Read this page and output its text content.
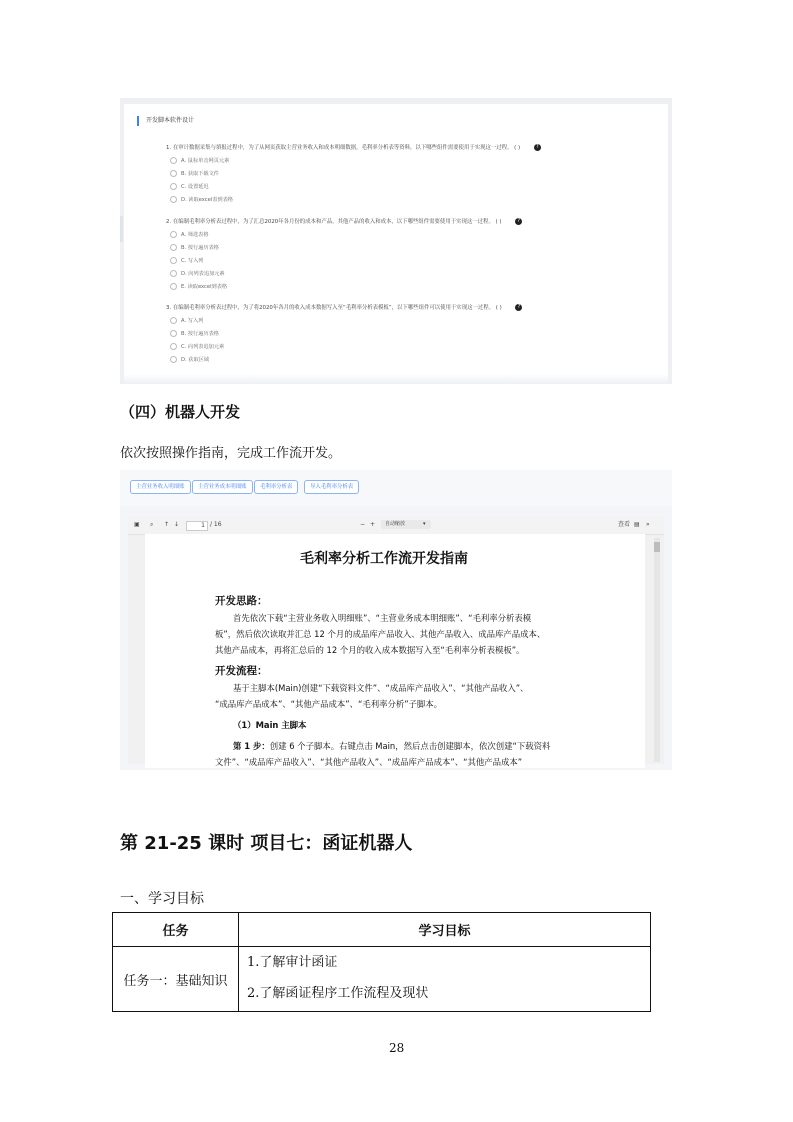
开发脚本软件设计
1. 在审计数据采集与填报过程中，为了从网页获取主营业务收入和成本明细数据，毛利率分析表等资料，以下哪些组件需要使用于实现这一过程。 ( )	?
A. 鼠标单击网页元素
B. 获取下载文件
C. 设置延迟
D. 读取excel表到表格
2. 在编制毛利率分析表过程中，为了汇总2020年各月份的成本和产品，其他产品的收入和成本，以下哪些组件需要使用于实现这一过程。 ( )	?
A. 筛选表格
B. 按行遍历表格
C. 写入列
D. 向列表追加元素
E. 读取excel到表格
3. 在编制毛利率分析表过程中，为了将2020年各月的收入成本数据写入至“毛利率分析表模板”，以下哪些组件可以使用于实现这一过程。 ( )	?
A. 写入列
B. 按行遍历表格
C. 向列表追加元素
D. 获取区域
（四）机器人开发
依次按照操作指南，完成工作流开发。
主营业务收入明细账	主营业务成本明细账	毛利率分析表	导入毛利率分析表
▣ ⌕ ↑ ↓	1 / 16	− +	自动缩放	▾	查看 ▤ »
毛利率分析工作流开发指南
开发思路：
首先依次下载“主营业务收入明细账”、“主营业务成本明细账”、“毛利率分析表模
板”，然后依次读取并汇总 12 个月的成品库产品收入、其他产品收入、成品库产品成本、
其他产品成本，再将汇总后的 12 个月的收入成本数据写入至“毛利率分析表模板”。
开发流程：
基于主脚本(Main)创建“下载资料文件”、“成品库产品收入”、“其他产品收入”、
“成品库产品成本”、“其他产品成本”、“毛利率分析”子脚本。
（1）Main 主脚本
第 1 步：创建 6 个子脚本。右键点击 Main，然后点击创建脚本，依次创建“下载资料
文件”、“成品库产品收入”、“其他产品收入”、“成品库产品成本”、“其他产品成本”
第 21-25 课时 项目七：函证机器人
一、学习目标
任务	学习目标
任务一：基础知识	1.了解审计函证
2.了解函证程序工作流程及现状
28
